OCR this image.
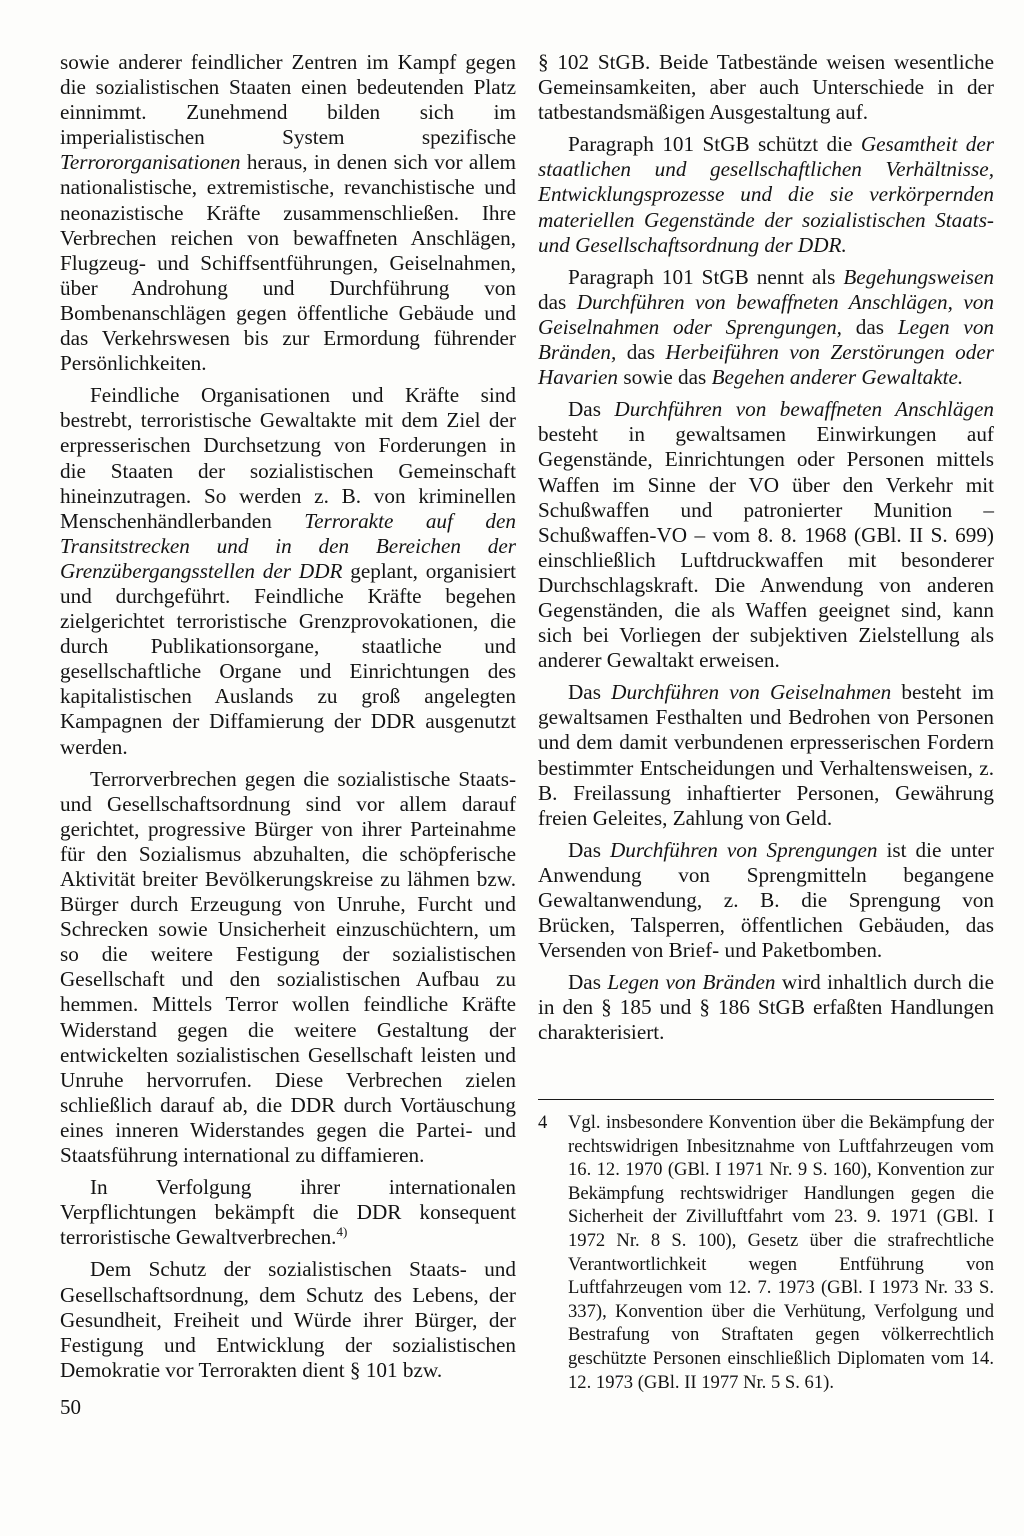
sowie anderer feindlicher Zentren im Kampf gegen die sozialistischen Staaten einen bedeutenden Platz einnimmt. Zunehmend bilden sich im imperialistischen System spezifische Terrororganisationen heraus, in denen sich vor allem nationalistische, extremistische, revanchistische und neonazistische Kräfte zusammenschließen. Ihre Verbrechen reichen von bewaffneten Anschlägen, Flugzeug- und Schiffsentführungen, Geiselnahmen, über Androhung und Durchführung von Bombenanschlägen gegen öffentliche Gebäude und das Verkehrswesen bis zur Ermordung führender Persönlichkeiten.

Feindliche Organisationen und Kräfte sind bestrebt, terroristische Gewaltakte mit dem Ziel der erpresserischen Durchsetzung von Forderungen in die Staaten der sozialistischen Gemeinschaft hineinzutragen. So werden z. B. von kriminellen Menschenhändlerbanden Terrorakte auf den Transitstrecken und in den Bereichen der Grenzübergangsstellen der DDR geplant, organisiert und durchgeführt. Feindliche Kräfte begehen zielgerichtet terroristische Grenzprovokationen, die durch Publikationsorgane, staatliche und gesellschaftliche Organe und Einrichtungen des kapitalistischen Auslands zu groß angelegten Kampagnen der Diffamierung der DDR ausgenutzt werden.

Terrorverbrechen gegen die sozialistische Staats- und Gesellschaftsordnung sind vor allem darauf gerichtet, progressive Bürger von ihrer Parteinahme für den Sozialismus abzuhalten, die schöpferische Aktivität breiter Bevölkerungskreise zu lähmen bzw. Bürger durch Erzeugung von Unruhe, Furcht und Schrecken sowie Unsicherheit einzuschüchtern, um so die weitere Festigung der sozialistischen Gesellschaft und den sozialistischen Aufbau zu hemmen. Mittels Terror wollen feindliche Kräfte Widerstand gegen die weitere Gestaltung der entwickelten sozialistischen Gesellschaft leisten und Unruhe hervorrufen. Diese Verbrechen zielen schließlich darauf ab, die DDR durch Vortäuschung eines inneren Widerstandes gegen die Partei- und Staatsführung international zu diffamieren.

In Verfolgung ihrer internationalen Verpflichtungen bekämpft die DDR konsequent terroristische Gewaltverbrechen.$^{4)}$

Dem Schutz der sozialistischen Staats- und Gesellschaftsordnung, dem Schutz des Lebens, der Gesundheit, Freiheit und Würde ihrer Bürger, der Festigung und Entwicklung der sozialistischen Demokratie vor Terrorakten dient § 101 bzw.

§ 102 StGB. Beide Tatbestände weisen wesentliche Gemeinsamkeiten, aber auch Unterschiede in der tatbestandsmäßigen Ausgestaltung auf.

Paragraph 101 StGB schützt die Gesamtheit der staatlichen und gesellschaftlichen Verhältnisse, Entwicklungsprozesse und die sie verkörpernden materiellen Gegenstände der sozialistischen Staats- und Gesellschaftsordnung der DDR.

Paragraph 101 StGB nennt als Begehungsweisen das Durchführen von bewaffneten Anschlägen, von Geiselnahmen oder Sprengungen, das Legen von Bränden, das Herbeiführen von Zerstörungen oder Havarien sowie das Begehen anderer Gewaltakte.

Das Durchführen von bewaffneten Anschlägen besteht in gewaltsamen Einwirkungen auf Gegenstände, Einrichtungen oder Personen mittels Waffen im Sinne der VO über den Verkehr mit Schußwaffen und patronierter Munition – Schußwaffen-VO – vom 8. 8. 1968 (GBl. II S. 699) einschließlich Luftdruckwaffen mit besonderer Durchschlagskraft. Die Anwendung von anderen Gegenständen, die als Waffen geeignet sind, kann sich bei Vorliegen der subjektiven Zielstellung als anderer Gewaltakt erweisen.

Das Durchführen von Geiselnahmen besteht im gewaltsamen Festhalten und Bedrohen von Personen und dem damit verbundenen erpresserischen Fordern bestimmter Entscheidungen und Verhaltensweisen, z. B. Freilassung inhaftierter Personen, Gewährung freien Geleites, Zahlung von Geld.

Das Durchführen von Sprengungen ist die unter Anwendung von Sprengmitteln begangene Gewaltanwendung, z. B. die Sprengung von Brücken, Talsperren, öffentlichen Gebäuden, das Versenden von Brief- und Paketbomben.

Das Legen von Bränden wird inhaltlich durch die in den § 185 und § 186 StGB erfaßten Handlungen charakterisiert.

4	Vgl. insbesondere Konvention über die Bekämpfung der rechtswidrigen Inbesitznahme von Luftfahrzeugen vom 16. 12. 1970 (GBl. I 1971 Nr. 9 S. 160), Konvention zur Bekämpfung rechtswidriger Handlungen gegen die Sicherheit der Zivilluftfahrt vom 23. 9. 1971 (GBl. I 1972 Nr. 8 S. 100), Gesetz über die strafrechtliche Verantwortlichkeit wegen Entführung von Luftfahrzeugen vom 12. 7. 1973 (GBl. I 1973 Nr. 33 S. 337), Konvention über die Verhütung, Verfolgung und Bestrafung von Straftaten gegen völkerrechtlich geschützte Personen einschließlich Diplomaten vom 14. 12. 1973 (GBl. II 1977 Nr. 5 S. 61).
50
